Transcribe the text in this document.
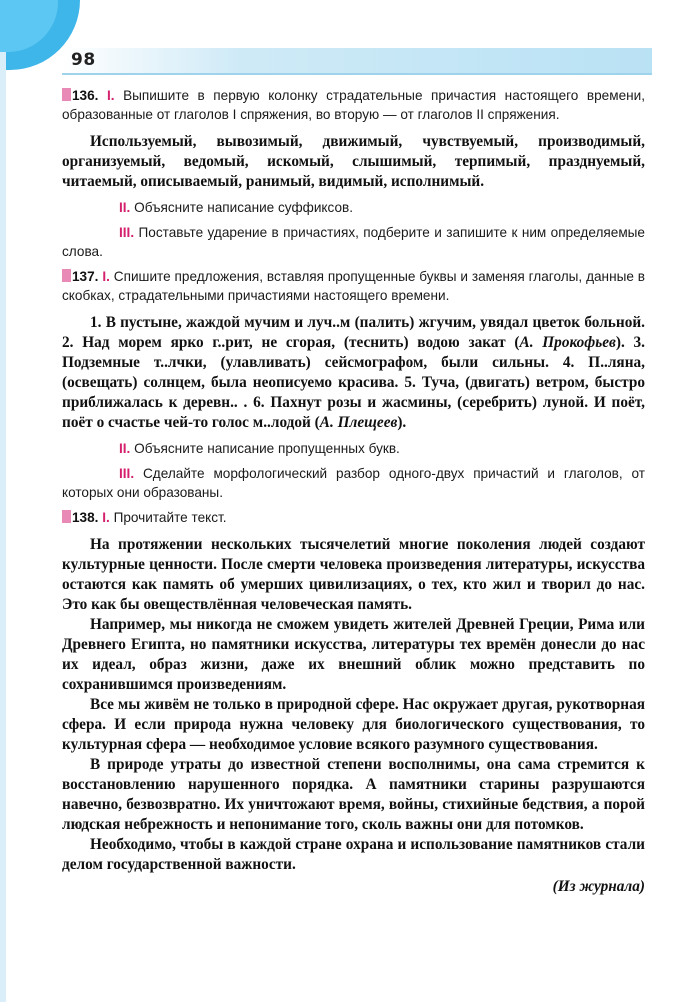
98

136. I. Выпишите в первую колонку страдательные причастия настоящего времени, образованные от глаголов I спряжения, во вторую — от глаголов II спряжения.

Используемый, вывозимый, движимый, чувствуемый, производимый, организуемый, ведомый, искомый, слышимый, терпимый, празднуемый, читаемый, описываемый, ранимый, видимый, исполнимый.

II. Объясните написание суффиксов.

III. Поставьте ударение в причастиях, подберите и запишите к ним определяемые слова.

137. I. Спишите предложения, вставляя пропущенные буквы и заменяя глаголы, данные в скобках, страдательными причастиями настоящего времени.

1. В пустыне, жаждой мучим и луч..м (палить) жгучим, увядал цветок больной. 2. Над морем ярко г..рит, не сгорая, (теснить) водою закат (А. Прокофьев). 3. Подземные т..лчки, (улавливать) сейсмографом, были сильны. 4. П..ляна, (освещать) солнцем, была неописуемо красива. 5. Туча, (двигать) ветром, быстро приближалась к деревн.. . 6. Пахнут розы и жасмины, (серебрить) луной. И поёт, поёт о счастье чей-то голос м..лодой (А. Плещеев).

II. Объясните написание пропущенных букв.

III. Сделайте морфологический разбор одного-двух причастий и глаголов, от которых они образованы.

138. I. Прочитайте текст.

На протяжении нескольких тысячелетий многие поколения людей создают культурные ценности. После смерти человека произведения литературы, искусства остаются как память об умерших цивилизациях, о тех, кто жил и творил до нас. Это как бы овеществлённая человеческая память.

Например, мы никогда не сможем увидеть жителей Древней Греции, Рима или Древнего Египта, но памятники искусства, литературы тех времён донесли до нас их идеал, образ жизни, даже их внешний облик можно представить по сохранившимся произведениям.

Все мы живём не только в природной сфере. Нас окружает другая, рукотворная сфера. И если природа нужна человеку для биологического существования, то культурная сфера — необходимое условие всякого разумного существования.

В природе утраты до известной степени восполнимы, она сама стремится к восстановлению нарушенного порядка. А памятники старины разрушаются навечно, безвозвратно. Их уничтожают время, войны, стихийные бедствия, а порой людская небрежность и непонимание того, сколь важны они для потомков.

Необходимо, чтобы в каждой стране охрана и использование памятников стали делом государственной важности.

(Из журнала)
